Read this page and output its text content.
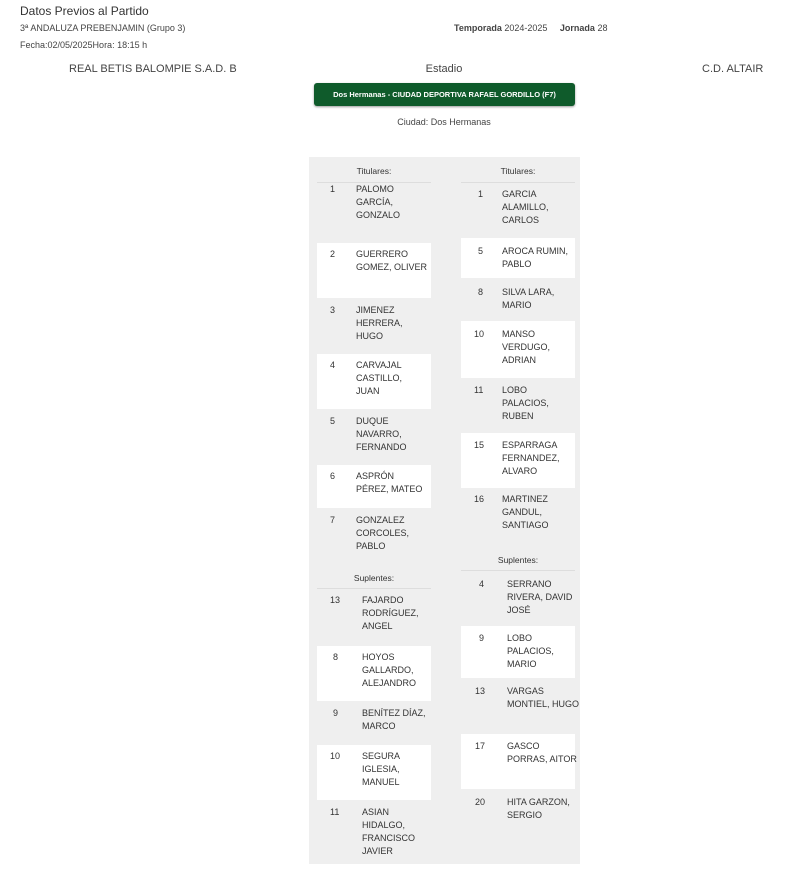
Datos Previos al Partido
3ª ANDALUZA PREBENJAMIN (Grupo 3)	Temporada 2024-2025 Jornada 28
Fecha:02/05/2025Hora: 18:15 h
REAL BETIS BALOMPIE S.A.D. B	Estadio	C.D. ALTAIR
Dos Hermanas - CIUDAD DEPORTIVA RAFAEL GORDILLO (F7)
Ciudad: Dos Hermanas
Titulares:
1	PALOMO GARCÍA, GONZALO
2	GUERRERO GOMEZ, OLIVER
3	JIMENEZ HERRERA, HUGO
4	CARVAJAL CASTILLO, JUAN
5	DUQUE NAVARRO, FERNANDO
6	ASPRÓN PÉREZ, MATEO
7	GONZALEZ CORCOLES, PABLO
Suplentes:
13 FAJARDO RODRÍGUEZ, ANGEL
8	HOYOS GALLARDO, ALEJANDRO
9	BENÍTEZ DÍAZ, MARCO
10 SEGURA IGLESIA, MANUEL
11	ASIAN HIDALGO, FRANCISCO JAVIER
Titulares:
1	GARCIA ALAMILLO, CARLOS
5	AROCA RUMIN, PABLO
8	SILVA LARA, MARIO
10 MANSO VERDUGO, ADRIAN
11 LOBO PALACIOS, RUBEN
15 ESPARRAGA FERNANDEZ, ALVARO
16 MARTINEZ GANDUL, SANTIAGO
Suplentes:
4	SERRANO RIVERA, DAVID JOSÉ
9	LOBO PALACIOS, MARIO
13 VARGAS MONTIEL, HUGO
17 GASCO PORRAS, AITOR
20 HITA GARZON, SERGIO
